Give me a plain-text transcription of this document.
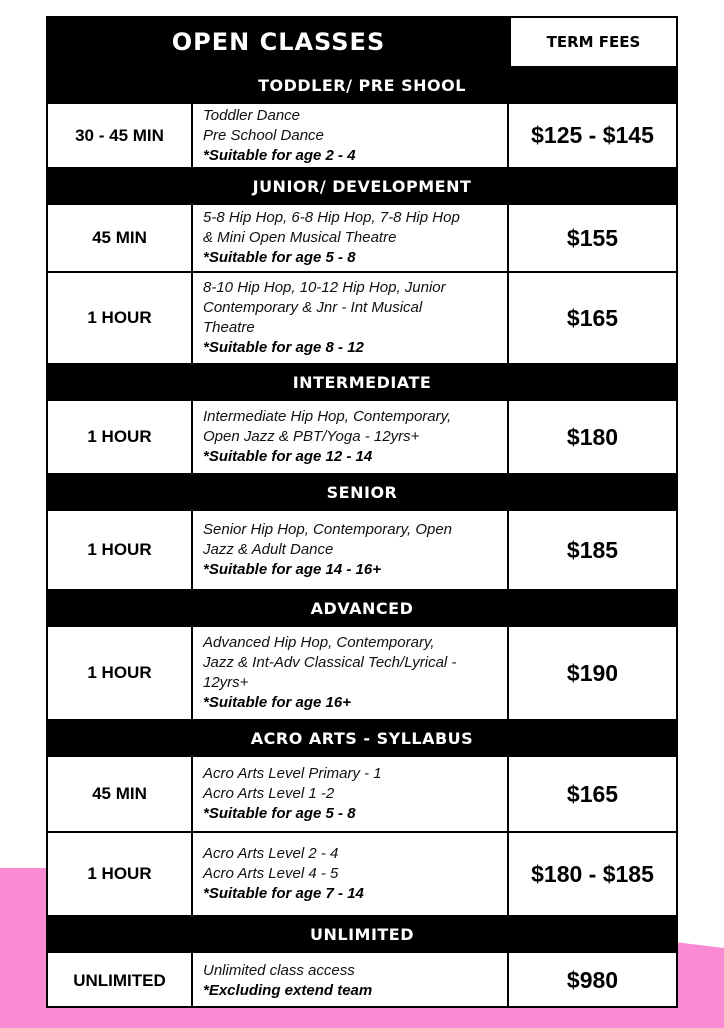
OPEN CLASSES	TERM FEES
TODDLER/ PRE SHOOL
30 - 45 MIN
Toddler Dance
Pre School Dance
*Suitable for age 2 - 4
$125 - $145
JUNIOR/ DEVELOPMENT
45 MIN
5-8 Hip Hop, 6-8 Hip Hop, 7-8 Hip Hop
& Mini Open Musical Theatre
*Suitable for age 5 - 8
$155
1 HOUR
8-10 Hip Hop, 10-12 Hip Hop, Junior
Contemporary & Jnr - Int Musical
Theatre
*Suitable for age 8 - 12
$165
INTERMEDIATE
1 HOUR
Intermediate Hip Hop, Contemporary,
Open Jazz & PBT/Yoga - 12yrs+
*Suitable for age 12 - 14
$180
SENIOR
1 HOUR
Senior Hip Hop, Contemporary, Open
Jazz & Adult Dance
*Suitable for age 14 - 16+
$185
ADVANCED
1 HOUR
Advanced Hip Hop, Contemporary,
Jazz & Int-Adv Classical Tech/Lyrical -
12yrs+
*Suitable for age 16+
$190
ACRO ARTS - SYLLABUS
45 MIN
Acro Arts Level Primary - 1
Acro Arts Level 1 -2
*Suitable for age 5 - 8
$165
1 HOUR
Acro Arts Level 2 - 4
Acro Arts Level 4 - 5
*Suitable for age 7 - 14
$180 - $185
UNLIMITED
UNLIMITED
Unlimited class access
*Excluding extend team	$980
